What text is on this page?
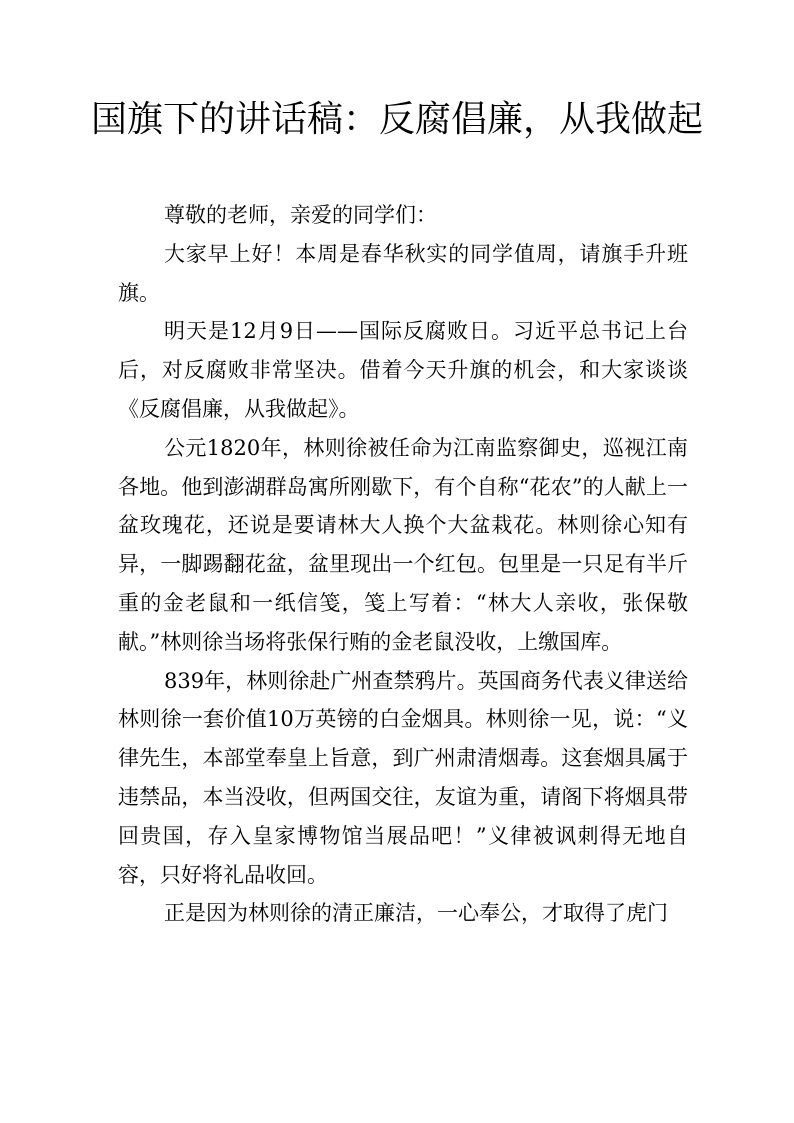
国旗下的讲话稿：反腐倡廉，从我做起

尊敬的老师，亲爱的同学们：

大家早上好！本周是春华秋实的同学值周，请旗手升班旗。

明天是12月9日——国际反腐败日。习近平总书记上台后，对反腐败非常坚决。借着今天升旗的机会，和大家谈谈《反腐倡廉，从我做起》。

公元1820年，林则徐被任命为江南监察御史，巡视江南各地。他到澎湖群岛寓所刚歇下，有个自称“花农”的人献上一盆玫瑰花，还说是要请林大人换个大盆栽花。林则徐心知有异，一脚踢翻花盆，盆里现出一个红包。包里是一只足有半斤重的金老鼠和一纸信笺，笺上写着：“林大人亲收，张保敬献。”林则徐当场将张保行贿的金老鼠没收，上缴国库。

839年，林则徐赴广州查禁鸦片。英国商务代表义律送给林则徐一套价值10万英镑的白金烟具。林则徐一见，说：“义律先生，本部堂奉皇上旨意，到广州肃清烟毒。这套烟具属于违禁品，本当没收，但两国交往，友谊为重，请阁下将烟具带回贵国，存入皇家博物馆当展品吧！”义律被讽刺得无地自容，只好将礼品收回。

正是因为林则徐的清正廉洁，一心奉公，才取得了虎门
